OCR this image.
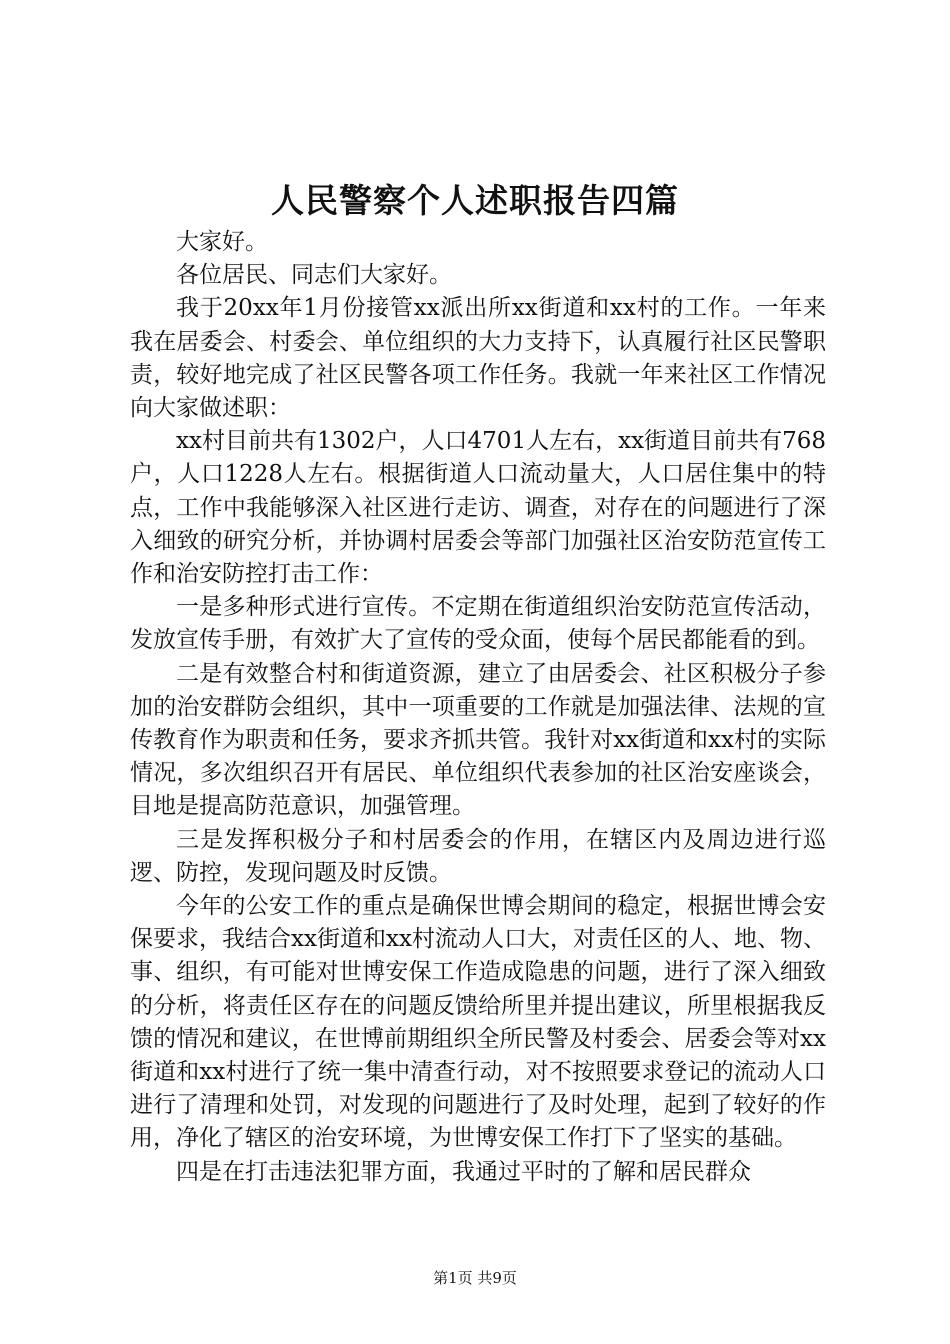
人民警察个人述职报告四篇

大家好。

各位居民、同志们大家好。

我于20xx年1月份接管xx派出所xx街道和xx村的工作。一年来我在居委会、村委会、单位组织的大力支持下，认真履行社区民警职责，较好地完成了社区民警各项工作任务。我就一年来社区工作情况向大家做述职：

xx村目前共有1302户，人口4701人左右，xx街道目前共有768户，人口1228人左右。根据街道人口流动量大，人口居住集中的特点，工作中我能够深入社区进行走访、调查，对存在的问题进行了深入细致的研究分析，并协调村居委会等部门加强社区治安防范宣传工作和治安防控打击工作：

一是多种形式进行宣传。不定期在街道组织治安防范宣传活动，发放宣传手册，有效扩大了宣传的受众面，使每个居民都能看的到。

二是有效整合村和街道资源，建立了由居委会、社区积极分子参加的治安群防会组织，其中一项重要的工作就是加强法律、法规的宣传教育作为职责和任务，要求齐抓共管。我针对xx街道和xx村的实际情况，多次组织召开有居民、单位组织代表参加的社区治安座谈会，目地是提高防范意识，加强管理。

三是发挥积极分子和村居委会的作用，在辖区内及周边进行巡逻、防控，发现问题及时反馈。

今年的公安工作的重点是确保世博会期间的稳定，根据世博会安保要求，我结合xx街道和xx村流动人口大，对责任区的人、地、物、事、组织，有可能对世博安保工作造成隐患的问题，进行了深入细致的分析，将责任区存在的问题反馈给所里并提出建议，所里根据我反馈的情况和建议，在世博前期组织全所民警及村委会、居委会等对xx街道和xx村进行了统一集中清查行动，对不按照要求登记的流动人口进行了清理和处罚，对发现的问题进行了及时处理，起到了较好的作用，净化了辖区的治安环境，为世博安保工作打下了坚实的基础。

四是在打击违法犯罪方面，我通过平时的了解和居民群众

第1页 共9页
